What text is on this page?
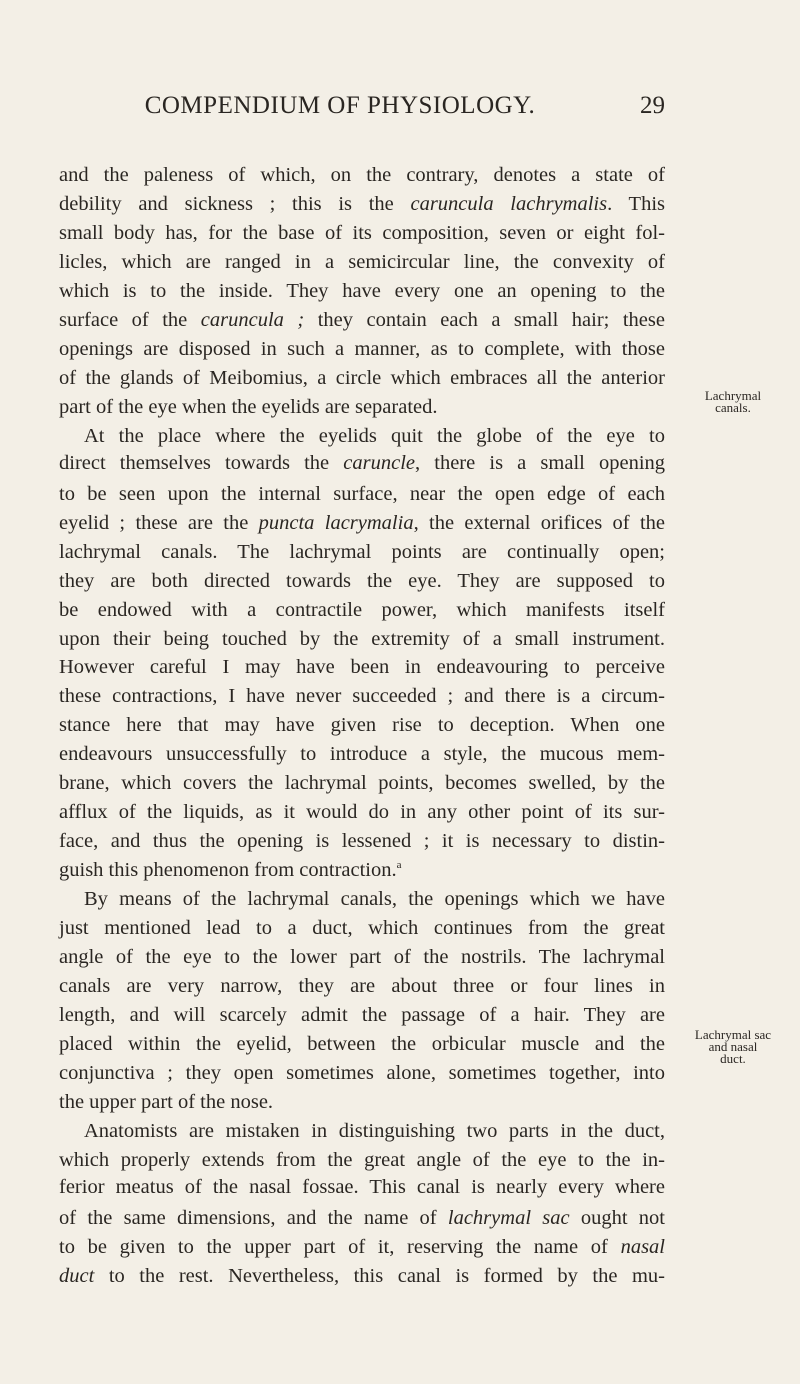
COMPENDIUM OF PHYSIOLOGY.	29
and the paleness of which, on the contrary, denotes a state of
debility and sickness ; this is the caruncula lachrymalis. This
small body has, for the base of its composition, seven or eight fol-
licles, which are ranged in a semicircular line, the convexity of
which is to the inside. They have every one an opening to the
surface of the caruncula ; they contain each a small hair; these
openings are disposed in such a manner, as to complete, with those
of the glands of Meibomius, a circle which embraces all the anterior
part of the eye when the eyelids are separated.
At the place where the eyelids quit the globe of the eye to
direct themselves towards the caruncle, there is a small opening
to be seen upon the internal surface, near the open edge of each
eyelid ; these are the puncta lacrymalia, the external orifices of the
lachrymal canals. The lachrymal points are continually open;
they are both directed towards the eye. They are supposed to
be endowed with a contractile power, which manifests itself
upon their being touched by the extremity of a small instrument.
However careful I may have been in endeavouring to perceive
these contractions, I have never succeeded ; and there is a circum-
stance here that may have given rise to deception. When one
endeavours unsuccessfully to introduce a style, the mucous mem-
brane, which covers the lachrymal points, becomes swelled, by the
afflux of the liquids, as it would do in any other point of its sur-
face, and thus the opening is lessened ; it is necessary to distin-
guish this phenomenon from contraction.$^a$
By means of the lachrymal canals, the openings which we have
just mentioned lead to a duct, which continues from the great
angle of the eye to the lower part of the nostrils. The lachrymal
canals are very narrow, they are about three or four lines in
length, and will scarcely admit the passage of a hair. They are
placed within the eyelid, between the orbicular muscle and the
conjunctiva ; they open sometimes alone, sometimes together, into
the upper part of the nose.
Anatomists are mistaken in distinguishing two parts in the duct,
which properly extends from the great angle of the eye to the in-
ferior meatus of the nasal fossae. This canal is nearly every where
of the same dimensions, and the name of lachrymal sac ought not
to be given to the upper part of it, reserving the name of nasal
duct to the rest. Nevertheless, this canal is formed by the mu-
Lachrymal
canals.
Lachrymal sac
and nasal
duct.
